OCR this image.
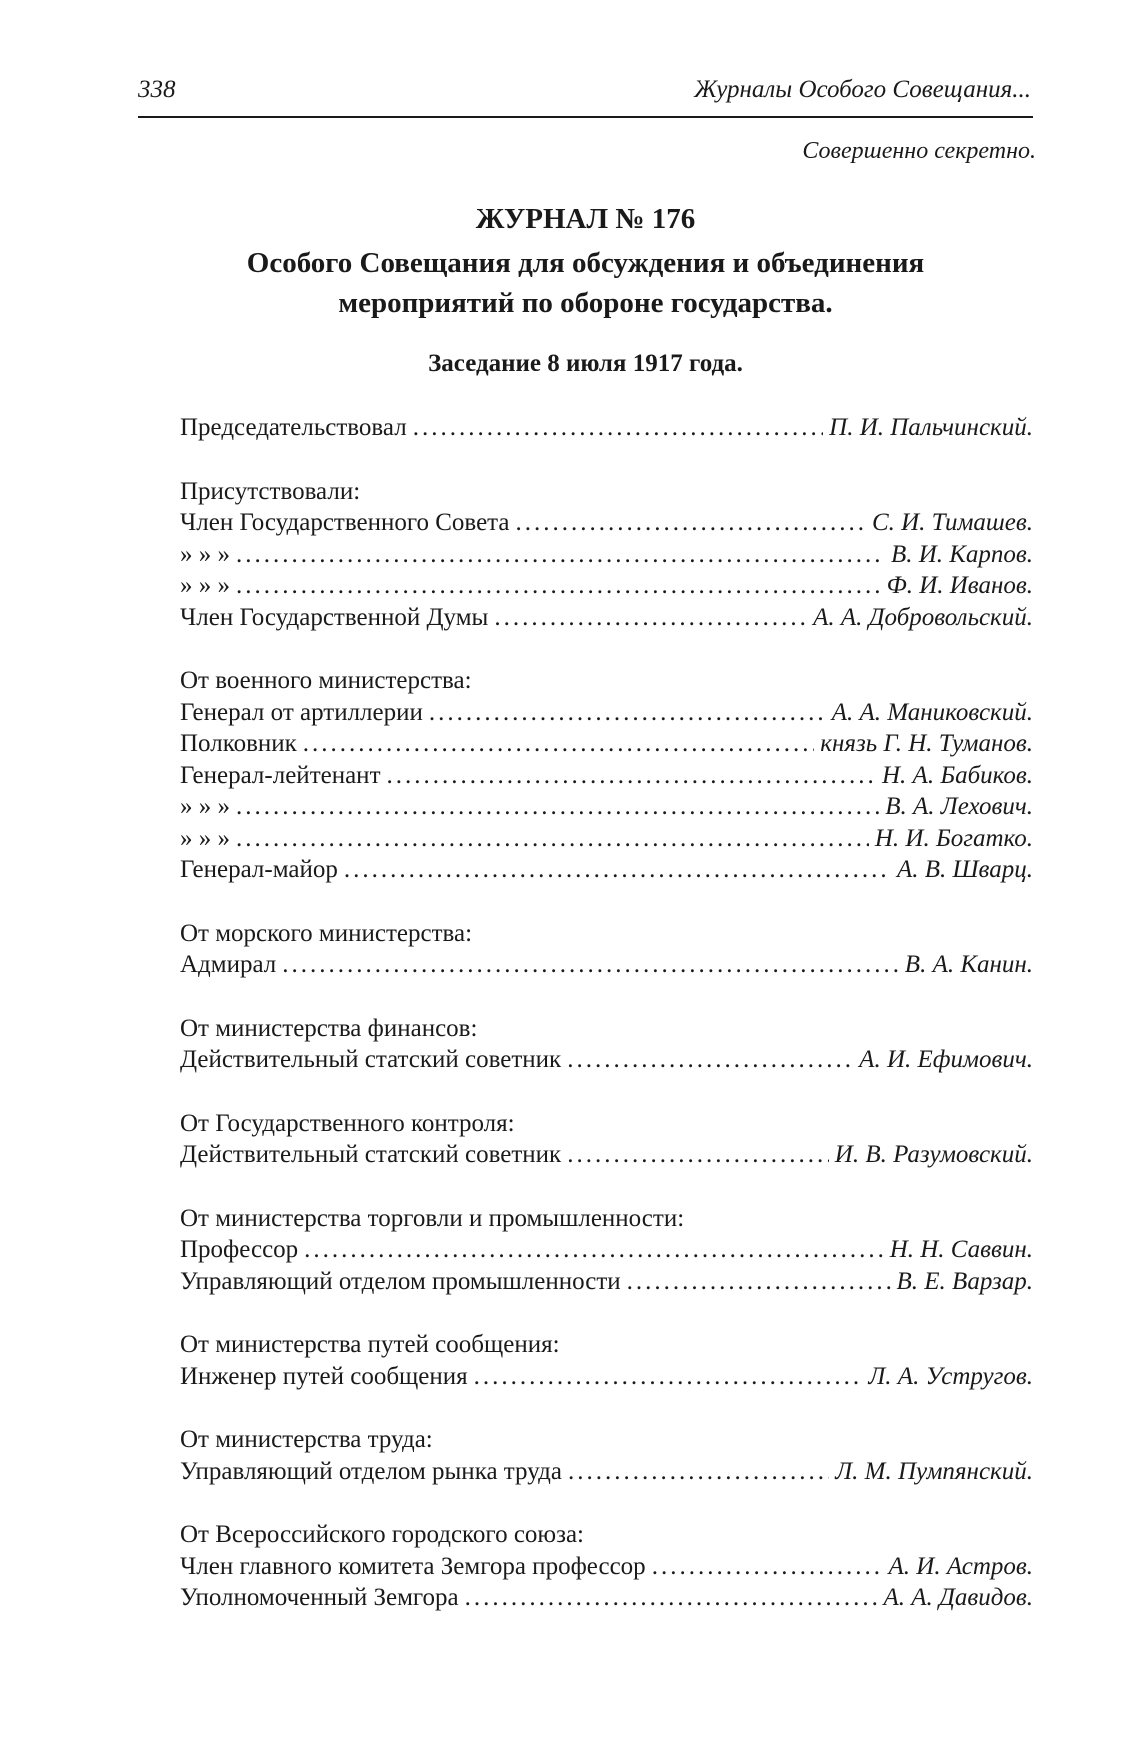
338	Журналы Особого Совещания...
Совершенно секретно.
ЖУРНАЛ № 176
Особого Совещания для обсуждения и объединения
мероприятий по обороне государства.
Заседание 8 июля 1917 года.
Председательствовал .....	П. И. Пальчинский.
Присутствовали:
Член Государственного Совета .....	С. И. Тимашев.
» » » .....	В. И. Карпов.
» » » .....	Ф. И. Иванов.
Член Государственной Думы .....	А. А. Добровольский.
От военного министерства:
Генерал от артиллерии .....	А. А. Маниковский.
Полковник .....	князь Г. Н. Туманов.
Генерал-лейтенант .....	Н. А. Бабиков.
» » » .....	В. А. Лехович.
» » » .....	Н. И. Богатко.
Генерал-майор .....	А. В. Шварц.
От морского министерства:
Адмирал .....	В. А. Канин.
От министерства финансов:
Действительный статский советник .....	А. И. Ефимович.
От Государственного контроля:
Действительный статский советник .....	И. В. Разумовский.
От министерства торговли и промышленности:
Профессор .....	Н. Н. Саввин.
Управляющий отделом промышленности .....	В. Е. Варзар.
От министерства путей сообщения:
Инженер путей сообщения .....	Л. А. Устругов.
От министерства труда:
Управляющий отделом рынка труда .....	Л. М. Пумпянский.
От Всероссийского городского союза:
Член главного комитета Земгора профессор .....	А. И. Астров.
Уполномоченный Земгора .....	А. А. Давидов.
